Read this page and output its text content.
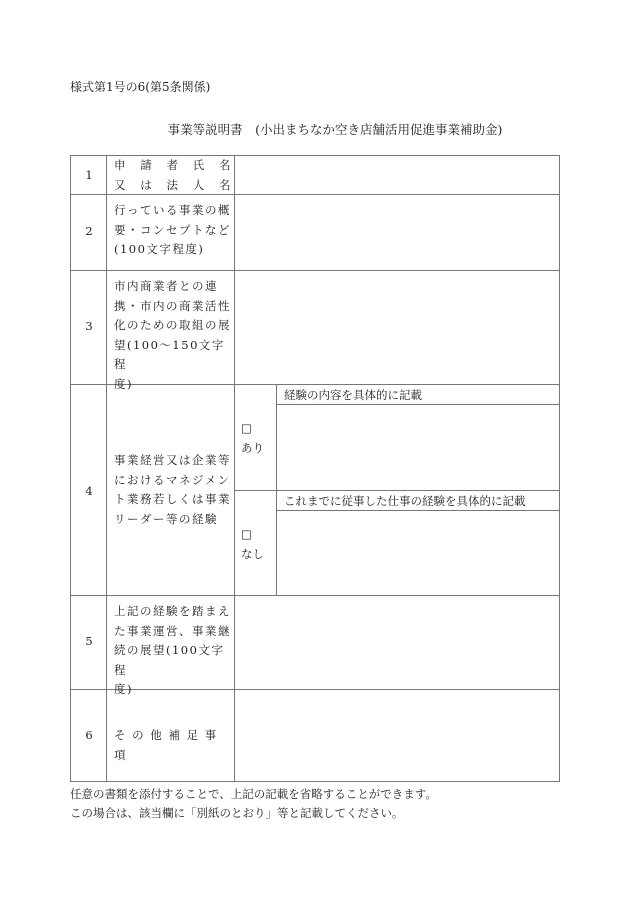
様式第1号の6(第5条関係)
事業等説明書　(小出まちなか空き店舗活用促進事業補助金)
1
申　請　者　氏　名
又　は　法　人　名
2
行っている事業の概
要・コンセプトなど
(100文字程度)
3
市内商業者との連
携・市内の商業活性
化のための取組の展
望(100～150文字程
度)
4
事業経営又は企業等
におけるマネジメン
ト業務若しくは事業
リーダー等の経験
□
あり
経験の内容を具体的に記載
□
なし
これまでに従事した仕事の経験を具体的に記載
5
上記の経験を踏まえ
た事業運営、事業継
続の展望(100文字程
度)
6	そ の 他 補 足 事 項
任意の書類を添付することで、上記の記載を省略することができます。
この場合は、該当欄に「別紙のとおり」等と記載してください。
